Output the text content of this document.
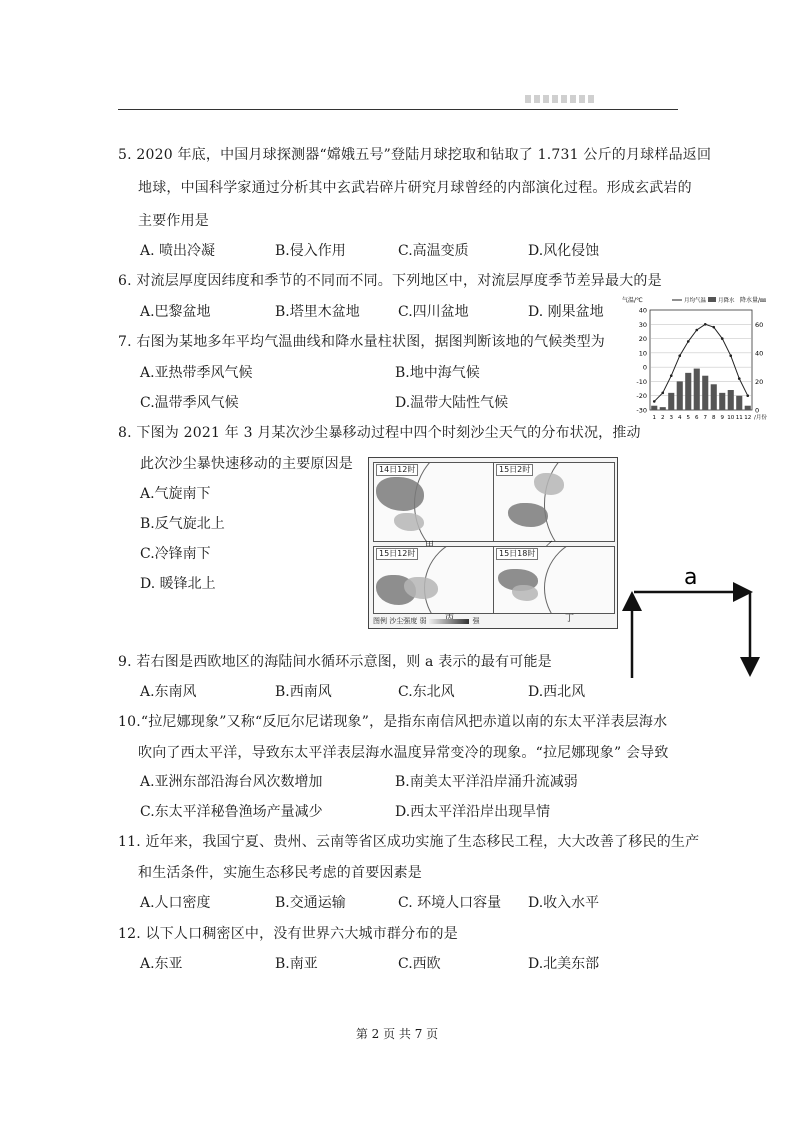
5. 2020 年底，中国月球探测器“嫦娥五号”登陆月球挖取和钻取了 1.731 公斤的月球样品返回
地球，中国科学家通过分析其中玄武岩碎片研究月球曾经的内部演化过程。形成玄武岩的
主要作用是
A. 喷出冷凝	B.侵入作用	C.高温变质	D.风化侵蚀
6. 对流层厚度因纬度和季节的不同而不同。下列地区中，对流层厚度季节差异最大的是
A.巴黎盆地	B.塔里木盆地	C.四川盆地	D. 刚果盆地
7. 右图为某地多年平均气温曲线和降水量柱状图，据图判断该地的气候类型为
A.亚热带季风气候	B.地中海气候
C.温带季风气候	D.温带大陆性气候
8. 下图为 2021 年 3 月某次沙尘暴移动过程中四个时刻沙尘天气的分布状况，推动
此次沙尘暴快速移动的主要原因是
A.气旋南下
B.反气旋北上
C.冷锋南下
D. 暖锋北上
9. 若右图是西欧地区的海陆间水循环示意图，则 a 表示的最有可能是
A.东南风	B.西南风	C.东北风	D.西北风
10.“拉尼娜现象”又称“反厄尔尼诺现象”，是指东南信风把赤道以南的东太平洋表层海水
吹向了西太平洋，导致东太平洋表层海水温度异常变冷的现象。“拉尼娜现象” 会导致
A.亚洲东部沿海台风次数增加	B.南美太平洋沿岸涌升流减弱
C.东太平洋秘鲁渔场产量减少	D.西太平洋沿岸出现旱情
11. 近年来，我国宁夏、贵州、云南等省区成功实施了生态移民工程，大大改善了移民的生产
和生活条件，实施生态移民考虑的首要因素是
A.人口密度	B.交通运输	C. 环境人口容量 D.收入水平
12. 以下人口稠密区中，没有世界六大城市群分布的是
A.东亚	B.南亚	C.西欧	D.北美东部
40
30
20
10
0
-10
-20
-30
60
40
20
0
1 2 3 4 5 6 7 8 9 10 11 12 /月份
气温/℃	降水量/㎜
月均气温 月降水
14日12时	15日2时
15日12时	15日18时
丁
图例 沙尘强度 弱	强
a
第 2 页 共 7 页
